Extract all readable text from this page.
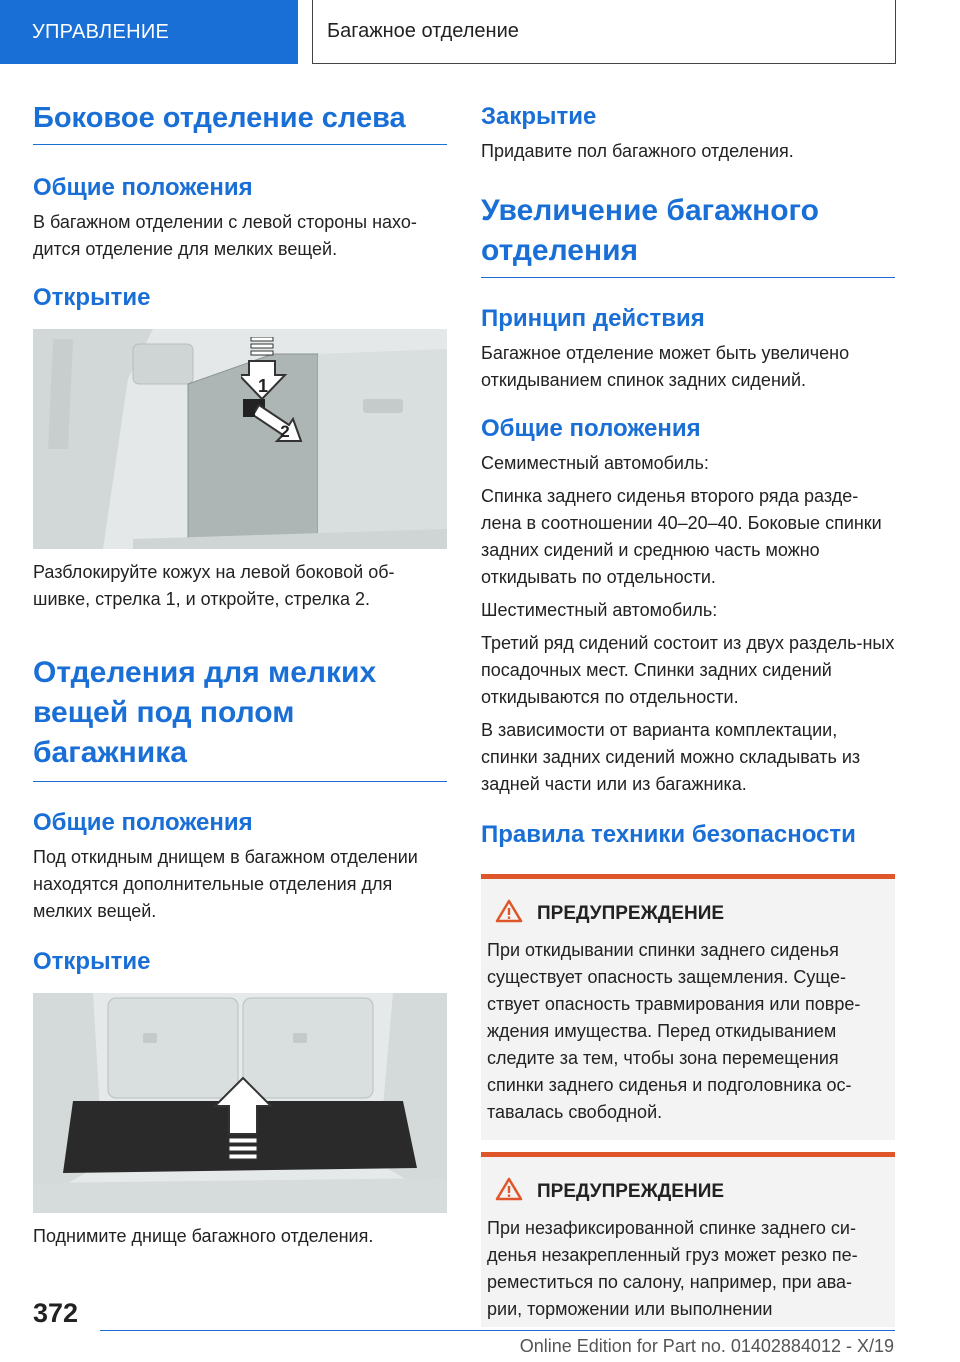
УПРАВЛЕНИЕ	Багажное отделение
Боковое отделение слева
Общие положения

В багажном отделении с левой стороны нахо-дится отделение для мелких вещей.

Открытие
1
2

Разблокируйте кожух на левой боковой об-шивке, стрелка 1, и откройте, стрелка 2.

Отделения для мелких вещей под полом багажника
Общие положения

Под откидным днищем в багажном отделении находятся дополнительные отделения для мелких вещей.

Открытие

Поднимите днище багажного отделения.

Закрытие

Придавите пол багажного отделения.

Увеличение багажного отделения
Принцип действия

Багажное отделение может быть увеличено откидыванием спинок задних сидений.

Общие положения

Семиместный автомобиль:

Спинка заднего сиденья второго ряда разде-лена в соотношении 40–20–40. Боковые спинки задних сидений и среднюю часть можно откидывать по отдельности.

Шестиместный автомобиль:

Третий ряд сидений состоит из двух раздель-ных посадочных мест. Спинки задних сидений откидываются по отдельности.

В зависимости от варианта комплектации, спинки задних сидений можно складывать из задней части или из багажника.

Правила техники безопасности
ПРЕДУПРЕЖДЕНИЕ

При откидывании спинки заднего сиденья существует опасность защемления. Суще-ствует опасность травмирования или повре-ждения имущества. Перед откидыванием следите за тем, чтобы зона перемещения спинки заднего сиденья и подголовника ос-тавалась свободной.

ПРЕДУПРЕЖДЕНИЕ

При незафиксированной спинке заднего си-денья незакрепленный груз может резко пе-реместиться по салону, например, при ава-рии, торможении или выполнении

372
Online Edition for Part no. 01402884012 - X/19
